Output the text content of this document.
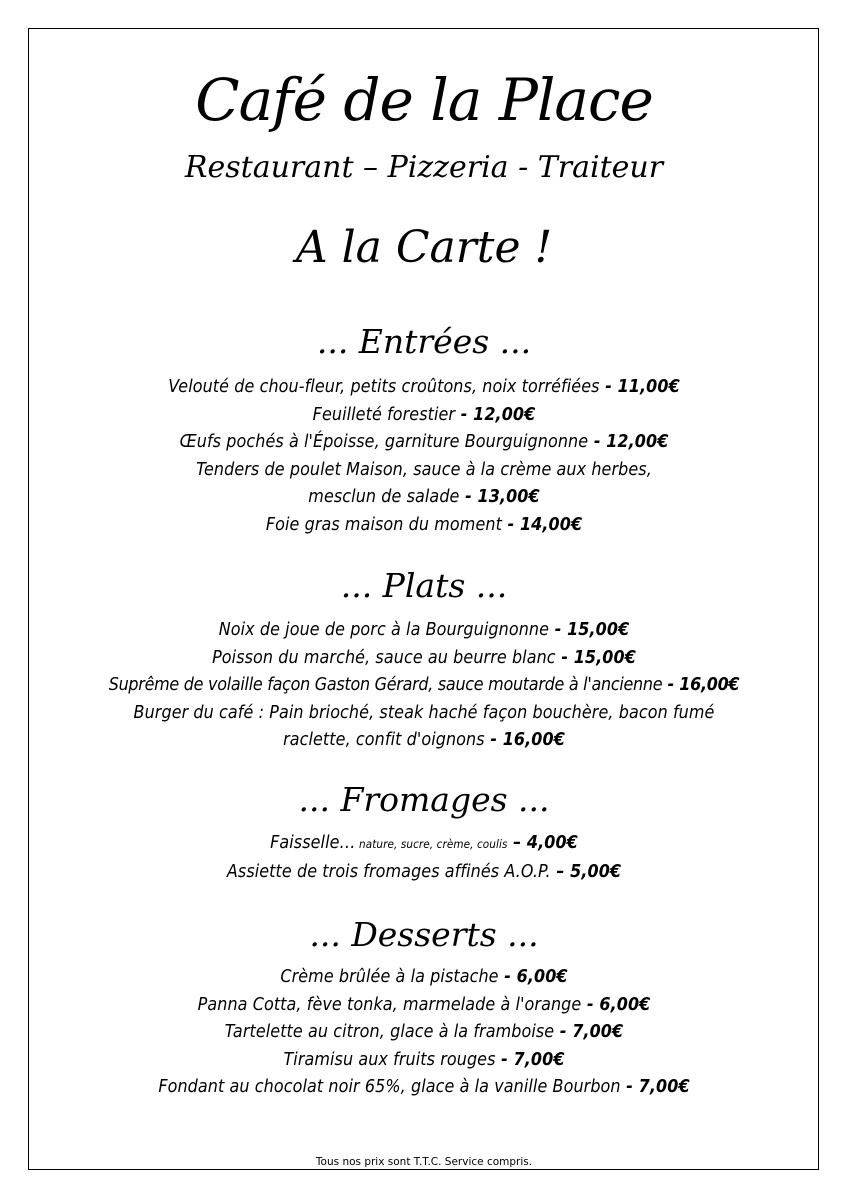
Café de la Place
Restaurant – Pizzeria - Traiteur
A la Carte !
... Entrées ...
Velouté de chou-fleur, petits croûtons, noix torréfiées - 11,00€
Feuilleté forestier - 12,00€
Œufs pochés à l'Époisse, garniture Bourguignonne - 12,00€
Tenders de poulet Maison, sauce à la crème aux herbes,
mesclun de salade - 13,00€
Foie gras maison du moment - 14,00€
... Plats ...
Noix de joue de porc à la Bourguignonne - 15,00€
Poisson du marché, sauce au beurre blanc - 15,00€
Suprême de volaille façon Gaston Gérard, sauce moutarde à l'ancienne - 16,00€
Burger du café : Pain brioché, steak haché façon bouchère, bacon fumé
raclette, confit d'oignons - 16,00€
... Fromages ...
Faisselle… nature, sucre, crème, coulis – 4,00€
Assiette de trois fromages affinés A.O.P. – 5,00€
... Desserts ...
Crème brûlée à la pistache - 6,00€
Panna Cotta, fève tonka, marmelade à l'orange - 6,00€
Tartelette au citron, glace à la framboise - 7,00€
Tiramisu aux fruits rouges - 7,00€
Fondant au chocolat noir 65%, glace à la vanille Bourbon - 7,00€
Tous nos prix sont T.T.C. Service compris.
